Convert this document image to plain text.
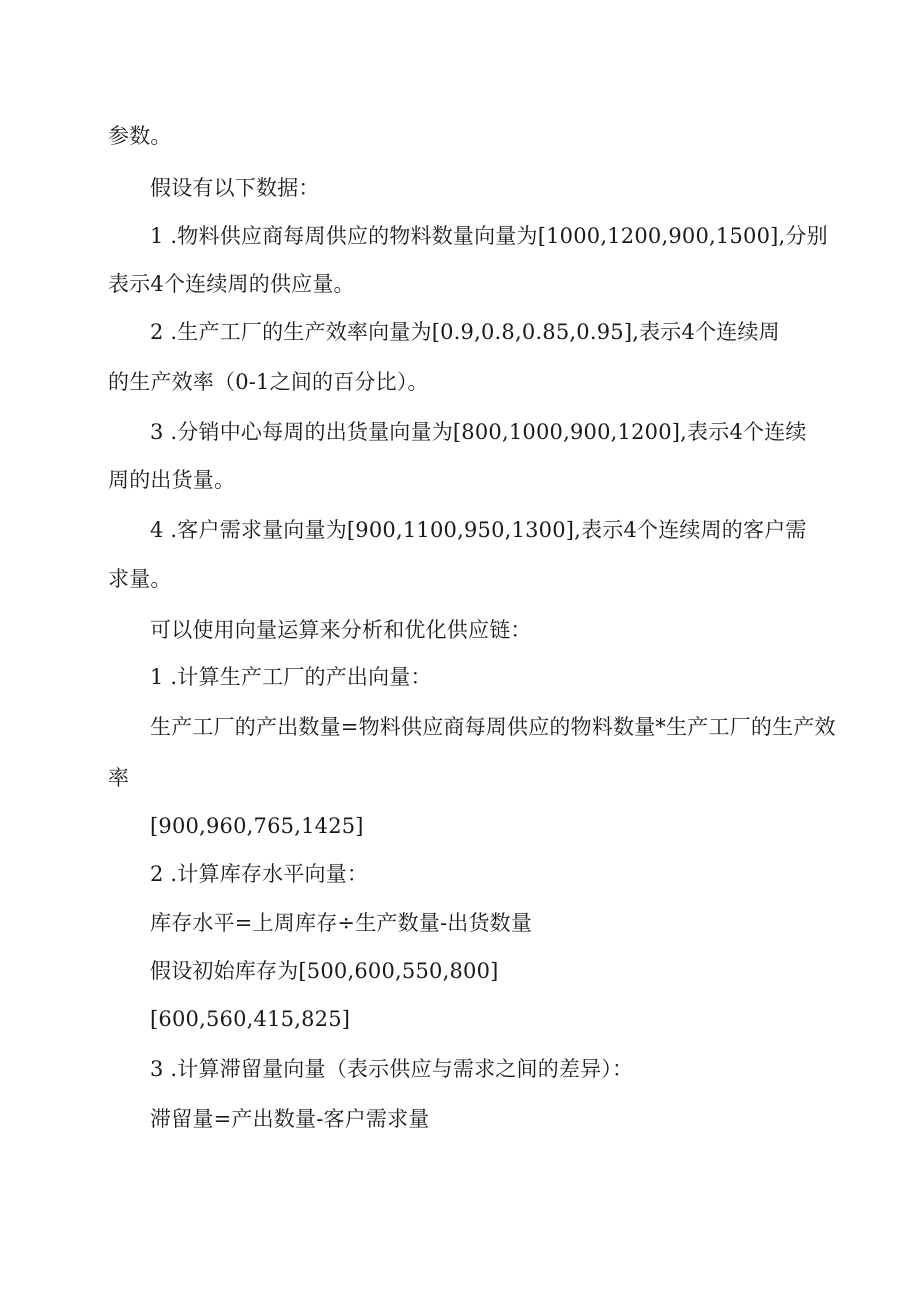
参数。
假设有以下数据：
1 .物料供应商每周供应的物料数量向量为[1000,1200,900,1500],分别
表示4个连续周的供应量。
2 .生产工厂的生产效率向量为[0.9,0.8,0.85,0.95],表示4个连续周
的生产效率（0-1之间的百分比）。
3 .分销中心每周的出货量向量为[800,1000,900,1200],表示4个连续
周的出货量。
4 .客户需求量向量为[900,1100,950,1300],表示4个连续周的客户需
求量。
可以使用向量运算来分析和优化供应链：
1 .计算生产工厂的产出向量：
生产工厂的产出数量=物料供应商每周供应的物料数量*生产工厂的生产效
率
[900,960,765,1425]
2 .计算库存水平向量：
库存水平=上周库存÷生产数量-出货数量
假设初始库存为[500,600,550,800]
[600,560,415,825]
3 .计算滞留量向量（表示供应与需求之间的差异）：
滞留量=产出数量-客户需求量
